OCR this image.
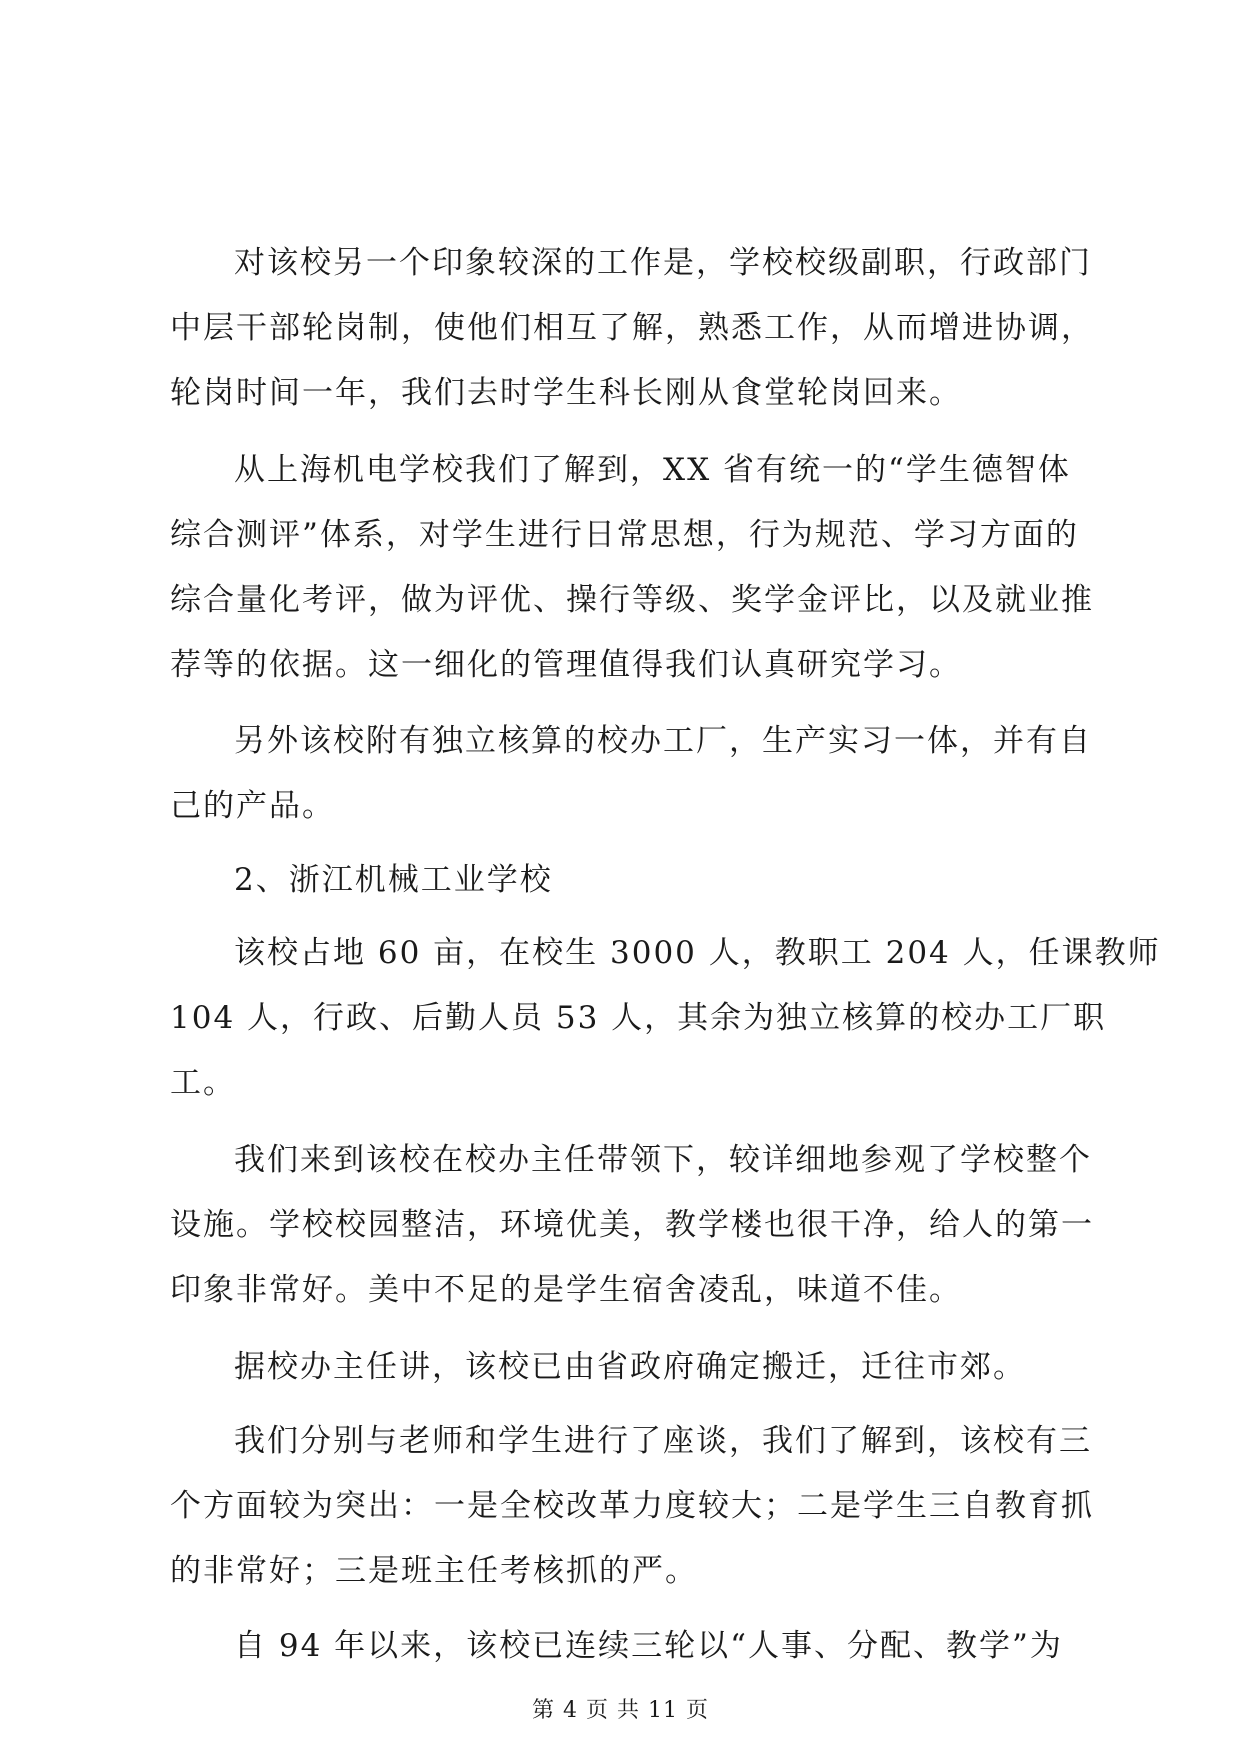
对该校另一个印象较深的工作是，学校校级副职，行政部门
中层干部轮岗制，使他们相互了解，熟悉工作，从而增进协调，
轮岗时间一年，我们去时学生科长刚从食堂轮岗回来。
从上海机电学校我们了解到，XX 省有统一的“学生德智体
综合测评”体系，对学生进行日常思想，行为规范、学习方面的
综合量化考评，做为评优、操行等级、奖学金评比，以及就业推
荐等的依据。这一细化的管理值得我们认真研究学习。
另外该校附有独立核算的校办工厂，生产实习一体，并有自
己的产品。
2、浙江机械工业学校
该校占地 60 亩，在校生 3000 人，教职工 204 人，任课教师
104 人，行政、后勤人员 53 人，其余为独立核算的校办工厂职
工。
我们来到该校在校办主任带领下，较详细地参观了学校整个
设施。学校校园整洁，环境优美，教学楼也很干净，给人的第一
印象非常好。美中不足的是学生宿舍凌乱，味道不佳。
据校办主任讲，该校已由省政府确定搬迁，迁往市郊。
我们分别与老师和学生进行了座谈，我们了解到，该校有三
个方面较为突出：一是全校改革力度较大；二是学生三自教育抓
的非常好；三是班主任考核抓的严。
自 94 年以来，该校已连续三轮以“人事、分配、教学”为
第 4 页 共 11 页
